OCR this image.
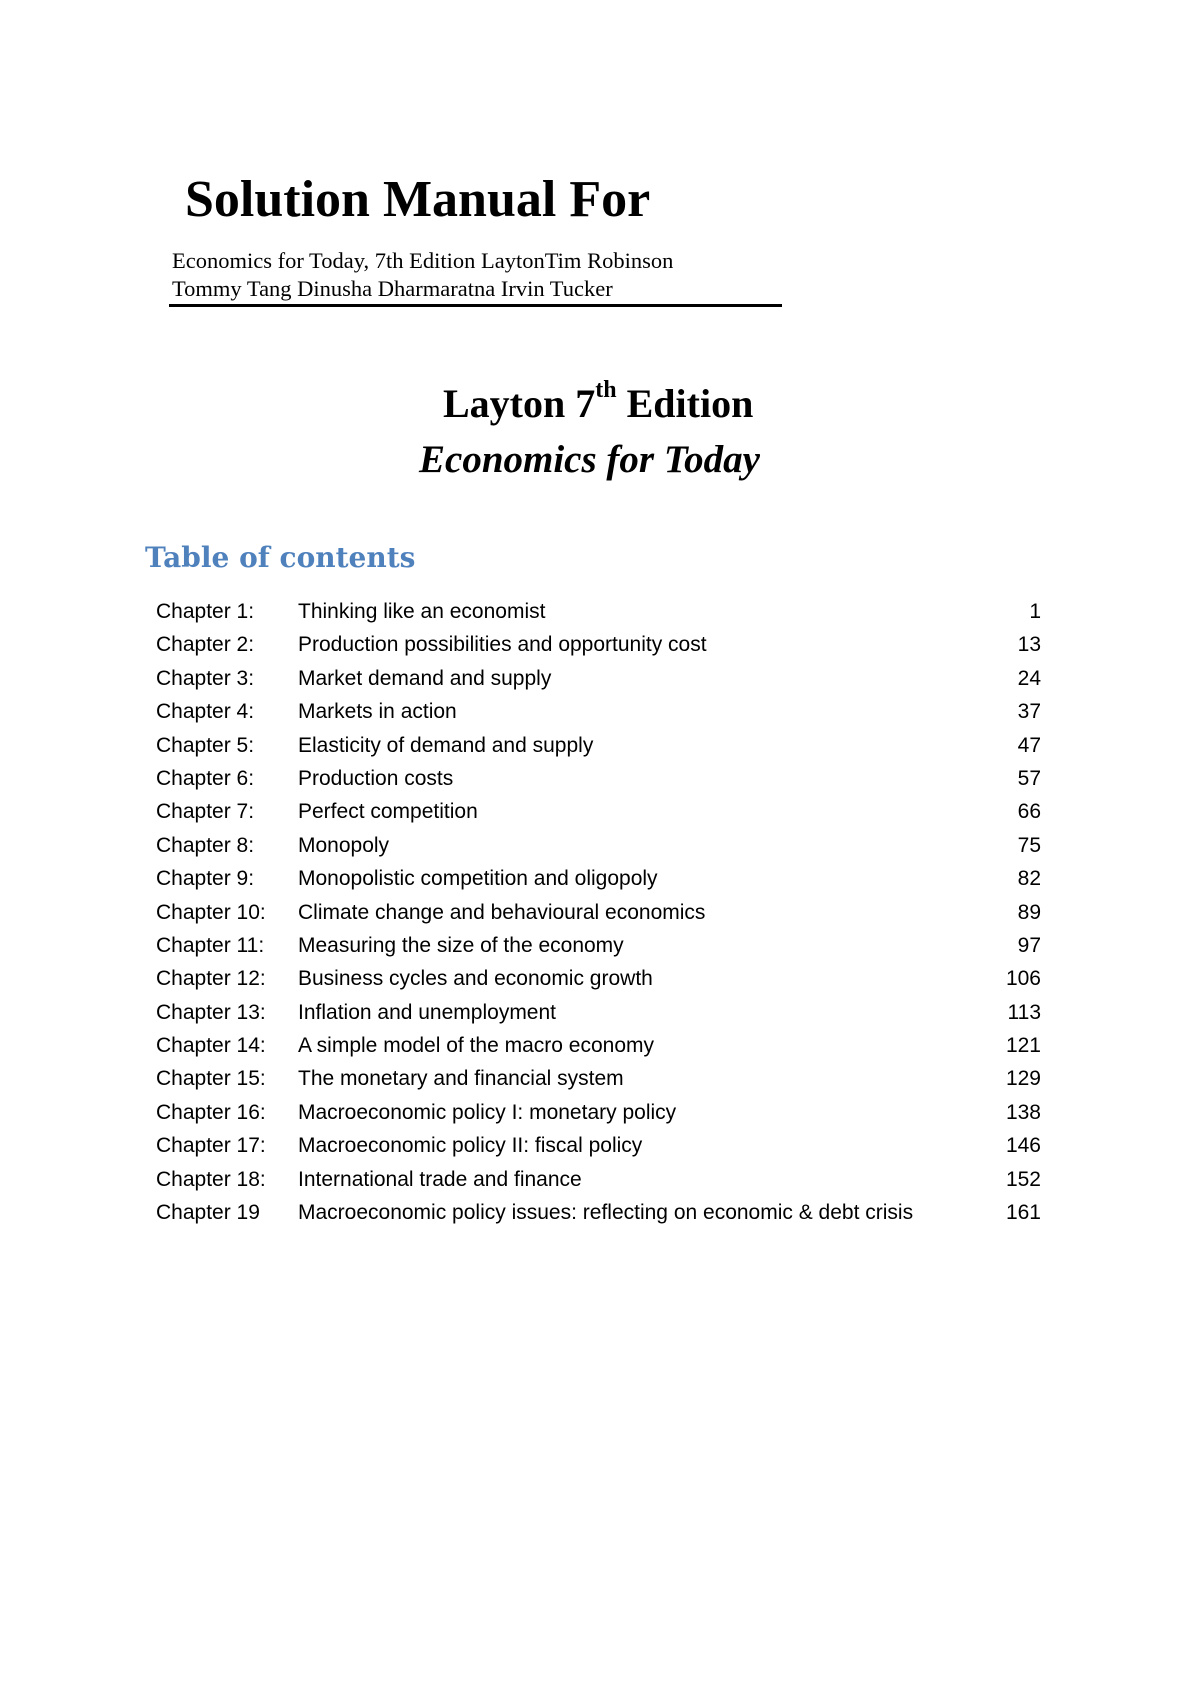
Solution Manual For
Economics for Today, 7th Edition LaytonTim Robinson
Tommy Tang Dinusha Dharmaratna Irvin Tucker
Layton 7th Edition
Economics for Today
Table of contents
Chapter 1: Thinking like an economist	1
Chapter 2: Production possibilities and opportunity cost	13
Chapter 3: Market demand and supply	24
Chapter 4: Markets in action	37
Chapter 5: Elasticity of demand and supply	47
Chapter 6: Production costs	57
Chapter 7: Perfect competition	66
Chapter 8: Monopoly	75
Chapter 9: Monopolistic competition and oligopoly	82
Chapter 10: Climate change and behavioural economics	89
Chapter 11: Measuring the size of the economy	97
Chapter 12: Business cycles and economic growth	106
Chapter 13: Inflation and unemployment	113
Chapter 14: A simple model of the macro economy	121
Chapter 15: The monetary and financial system	129
Chapter 16: Macroeconomic policy I: monetary policy	138
Chapter 17: Macroeconomic policy II: fiscal policy	146
Chapter 18: International trade and finance	152
Chapter 19 Macroeconomic policy issues: reflecting on economic & debt crisis	161
